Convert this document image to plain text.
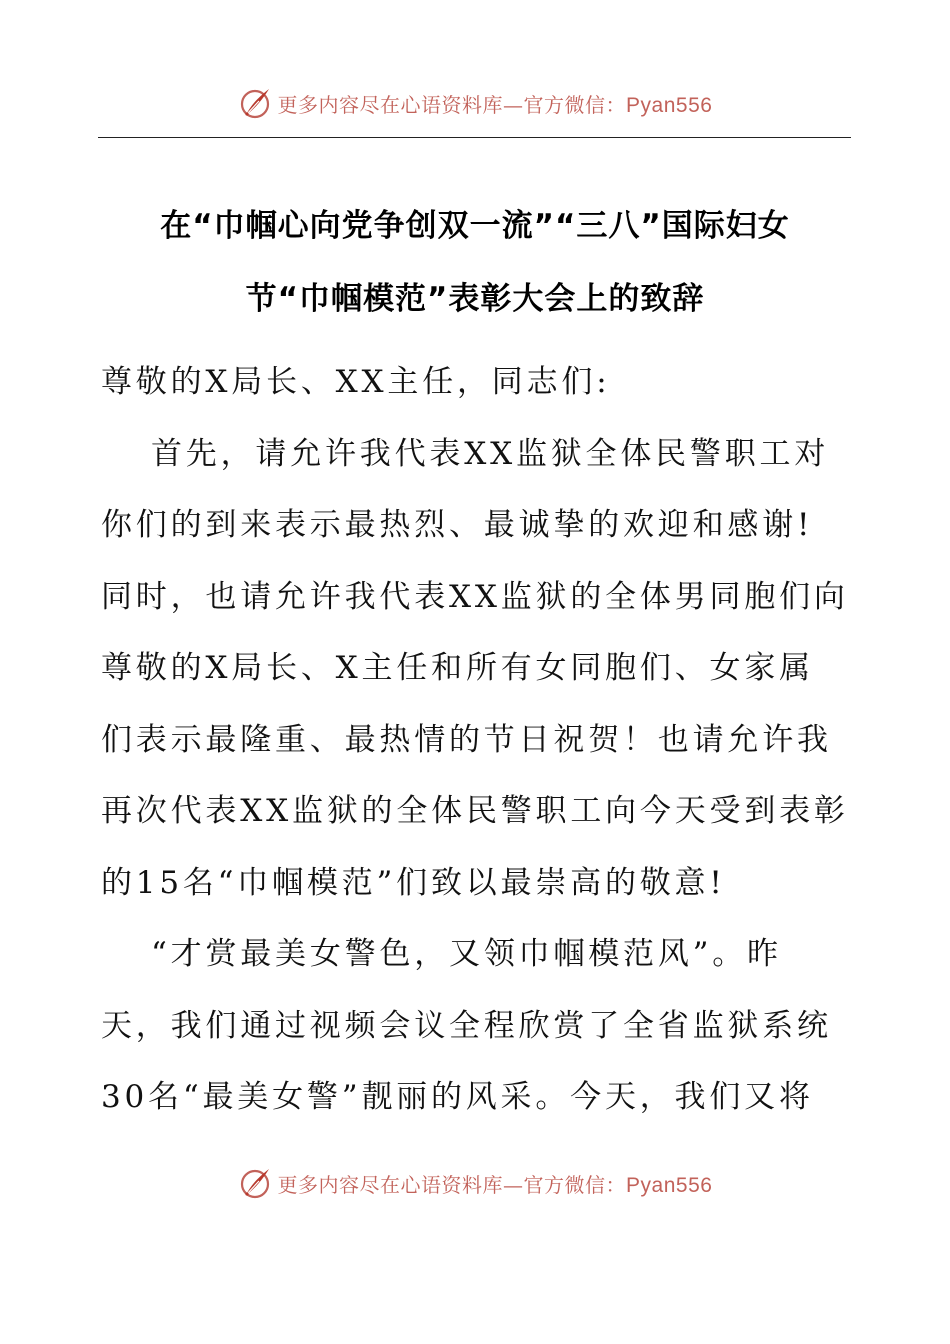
更多内容尽在心语资料库—官方微信：Pyan556
在“巾帼心向党争创双一流”“三八”国际妇女
节“巾帼模范”表彰大会上的致辞

尊敬的X局长、XX主任，同志们:

首先，请允许我代表XX监狱全体民警职工对
你们的到来表示最热烈、最诚挚的欢迎和感谢!
同时，也请允许我代表XX监狱的全体男同胞们向
尊敬的X局长、X主任和所有女同胞们、女家属
们表示最隆重、最热情的节日祝贺！也请允许我
再次代表XX监狱的全体民警职工向今天受到表彰
的15名“巾帼模范”们致以最崇高的敬意!

“才赏最美女警色，又领巾帼模范风”。昨
天，我们通过视频会议全程欣赏了全省监狱系统
30名“最美女警”靓丽的风采。今天，我们又将

更多内容尽在心语资料库—官方微信：Pyan556
